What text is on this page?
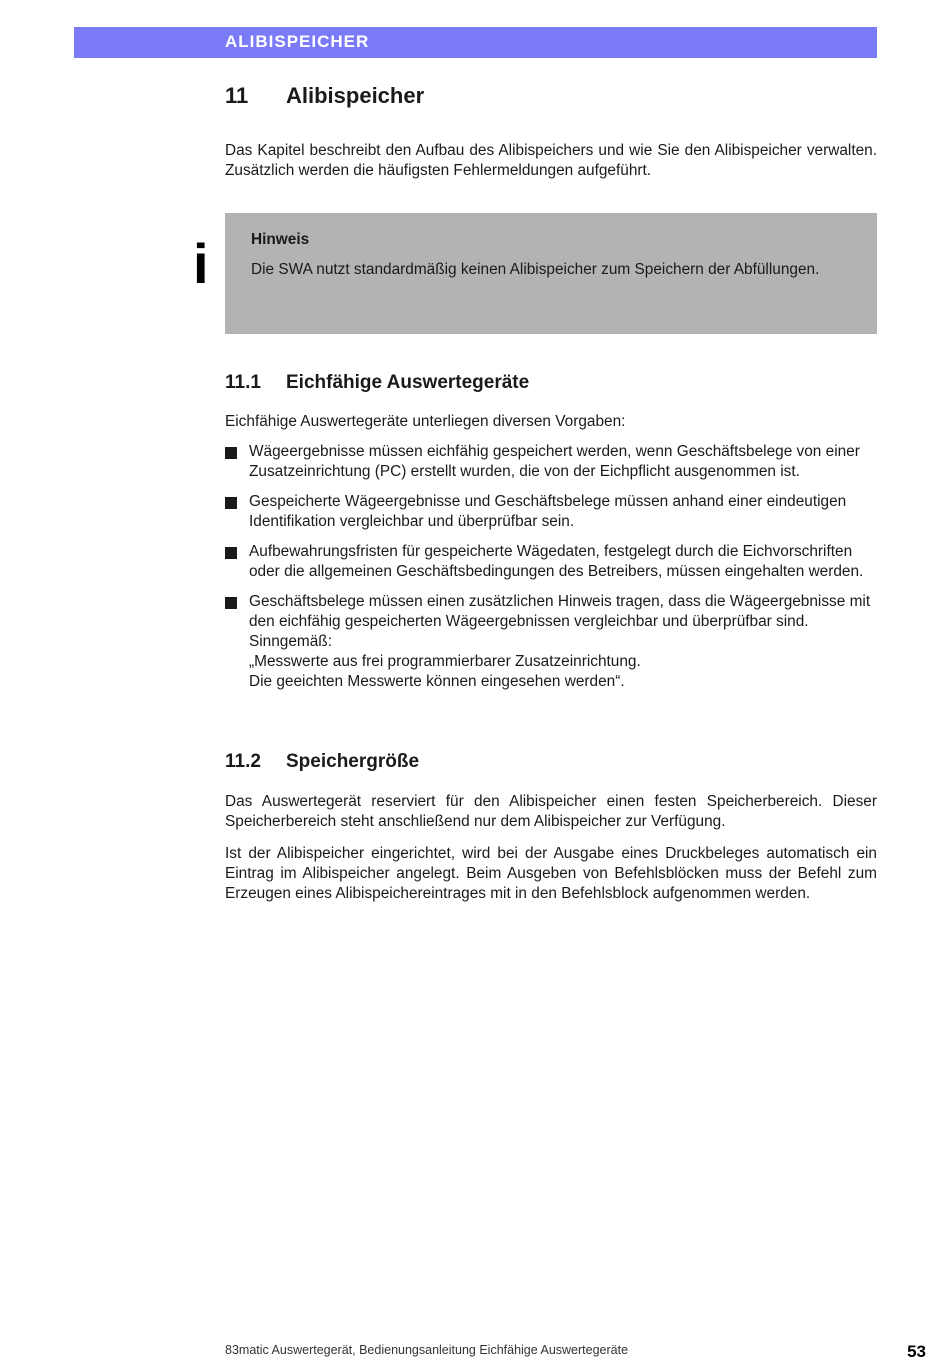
ALIBISPEICHER
11 Alibispeicher

Das Kapitel beschreibt den Aufbau des Alibispeichers und wie Sie den Alibispeicher verwalten. Zusätzlich werden die häufigsten Fehlermeldungen aufgeführt.

i	Hinweis

Die SWA nutzt standardmäßig keinen Alibispeicher zum Speichern der Abfüllungen.

11.1 Eichfähige Auswertegeräte

Eichfähige Auswertegeräte unterliegen diversen Vorgaben:

Wägeergebnisse müssen eichfähig gespeichert werden, wenn Geschäftsbelege von einer Zusatzeinrichtung (PC) erstellt wurden, die von der Eichpflicht ausgenommen ist.
Gespeicherte Wägeergebnisse und Geschäftsbelege müssen anhand einer eindeutigen Identifikation vergleichbar und überprüfbar sein.
Aufbewahrungsfristen für gespeicherte Wägedaten, festgelegt durch die Eichvorschriften oder die allgemeinen Geschäftsbedingungen des Betreibers, müssen eingehalten werden.
Geschäftsbelege müssen einen zusätzlichen Hinweis tragen, dass die Wägeergebnisse mit den eichfähig gespeicherten Wägeergebnissen vergleichbar und überprüfbar sind. Sinngemäß:
„Messwerte aus frei programmierbarer Zusatzeinrichtung.
Die geeichten Messwerte können eingesehen werden“.
11.2 Speichergröße

Das Auswertegerät reserviert für den Alibispeicher einen festen Speicherbereich. Dieser Speicherbereich steht anschließend nur dem Alibispeicher zur Verfügung.

Ist der Alibispeicher eingerichtet, wird bei der Ausgabe eines Druckbeleges automatisch ein Eintrag im Alibispeicher angelegt. Beim Ausgeben von Befehlsblöcken muss der Befehl zum Erzeugen eines Alibispeichereintrages mit in den Befehlsblock aufgenommen werden.

83matic Auswertegerät, Bedienungsanleitung Eichfähige Auswertegeräte	53
